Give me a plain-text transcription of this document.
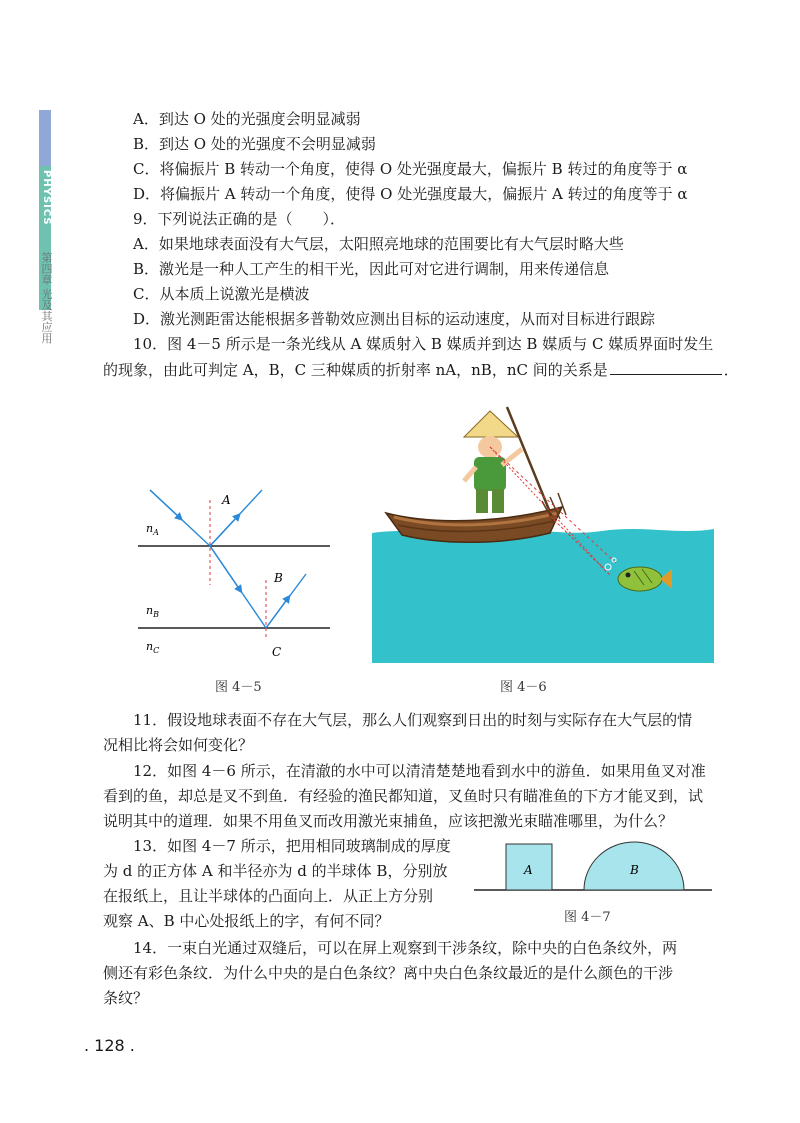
PHYSICS
第四章 光及其应用
A．到达 O 处的光强度会明显减弱
B．到达 O 处的光强度不会明显减弱
C．将偏振片 B 转动一个角度，使得 O 处光强度最大，偏振片 B 转过的角度等于 α
D．将偏振片 A 转动一个角度，使得 O 处光强度最大，偏振片 A 转过的角度等于 α
9．下列说法正确的是（　　）．
A．如果地球表面没有大气层，太阳照亮地球的范围要比有大气层时略大些
B．激光是一种人工产生的相干光，因此可对它进行调制，用来传递信息
C．从本质上说激光是横波
D．激光测距雷达能根据多普勒效应测出目标的运动速度，从而对目标进行跟踪
10．图 4－5 所示是一条光线从 A 媒质射入 B 媒质并到达 B 媒质与 C 媒质界面时发生
的现象，由此可判定 A，B，C 三种媒质的折射率 nA，nB，nC 间的关系是	．
A
B
C
$n_A$
$n_B$
$n_C$
图 4－5	图 4－6
11．假设地球表面不存在大气层，那么人们观察到日出的时刻与实际存在大气层的情
况相比将会如何变化？
12．如图 4－6 所示，在清澈的水中可以清清楚楚地看到水中的游鱼．如果用鱼叉对准
看到的鱼，却总是叉不到鱼．有经验的渔民都知道，叉鱼时只有瞄准鱼的下方才能叉到，试
说明其中的道理．如果不用鱼叉而改用激光束捕鱼，应该把激光束瞄准哪里，为什么？
13．如图 4－7 所示，把用相同玻璃制成的厚度
为 d 的正方体 A 和半径亦为 d 的半球体 B，分别放
在报纸上，且让半球体的凸面向上．从正上方分别
观察 A、B 中心处报纸上的字，有何不同？
A	B
图 4－7
14．一束白光通过双缝后，可以在屏上观察到干涉条纹，除中央的白色条纹外，两
侧还有彩色条纹．为什么中央的是白色条纹？离中央白色条纹最近的是什么颜色的干涉
条纹？
. 128 .
